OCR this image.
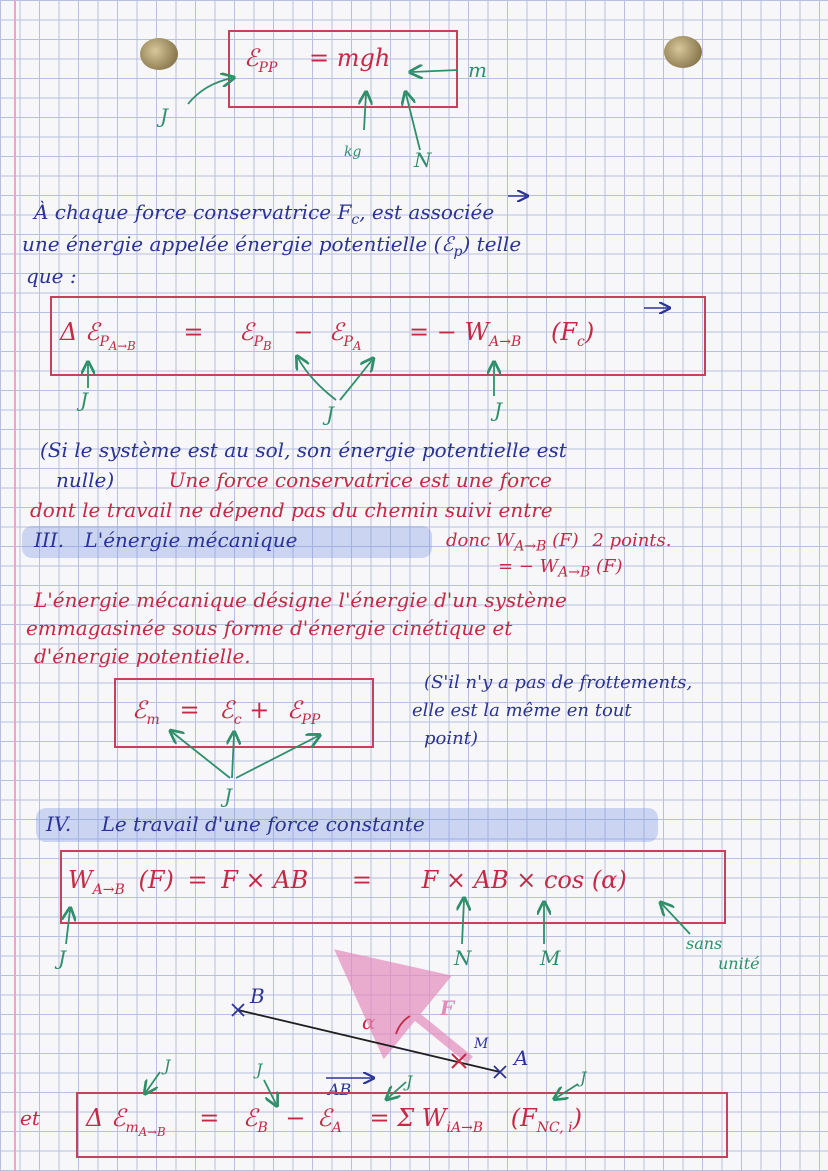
ℰ$_{PP}$ = mgh	m
J
kg	N
À chaque force conservatrice $F_c$, est associée
une énergie appelée énergie potentielle (ℰ$_p$) telle
que :
Δ ℰ$_{P_{A\to B}}$ = ℰ$_{P_B}$ − ℰ$_{P_A}$ = − $W_{A\to B}$ $(F_c)$
J
J	J
(Si le système est au sol, son énergie potentielle est
nulle)	Une force conservatrice est une force
dont le travail ne dépend pas du chemin suivi entre
III. L'énergie mécanique	donc $W_{A\to B}$ (F) 2 points.
= − $W_{A\to B}$ (F)
L'énergie mécanique désigne l'énergie d'un système
emmagasinée sous forme d'énergie cinétique et
d'énergie potentielle.
ℰ$_m$ = ℰ$_c$ + ℰ$_{PP}$
J
(S'il n'y a pas de frottements,
elle est la même en tout
point)
IV. Le travail d'une force constante
$W_{A\to B}$ (F) = F × AB = F × AB × cos (α)
J	N	M
sans
unité
B
A
M
α
F
AB
J	J
J	J
et Δ ℰ$_{m_{A\to B}}$ = ℰ$_B$ − ℰ$_A$ = Σ $W_{iA\to B}$ $(F_{NC, i})$
